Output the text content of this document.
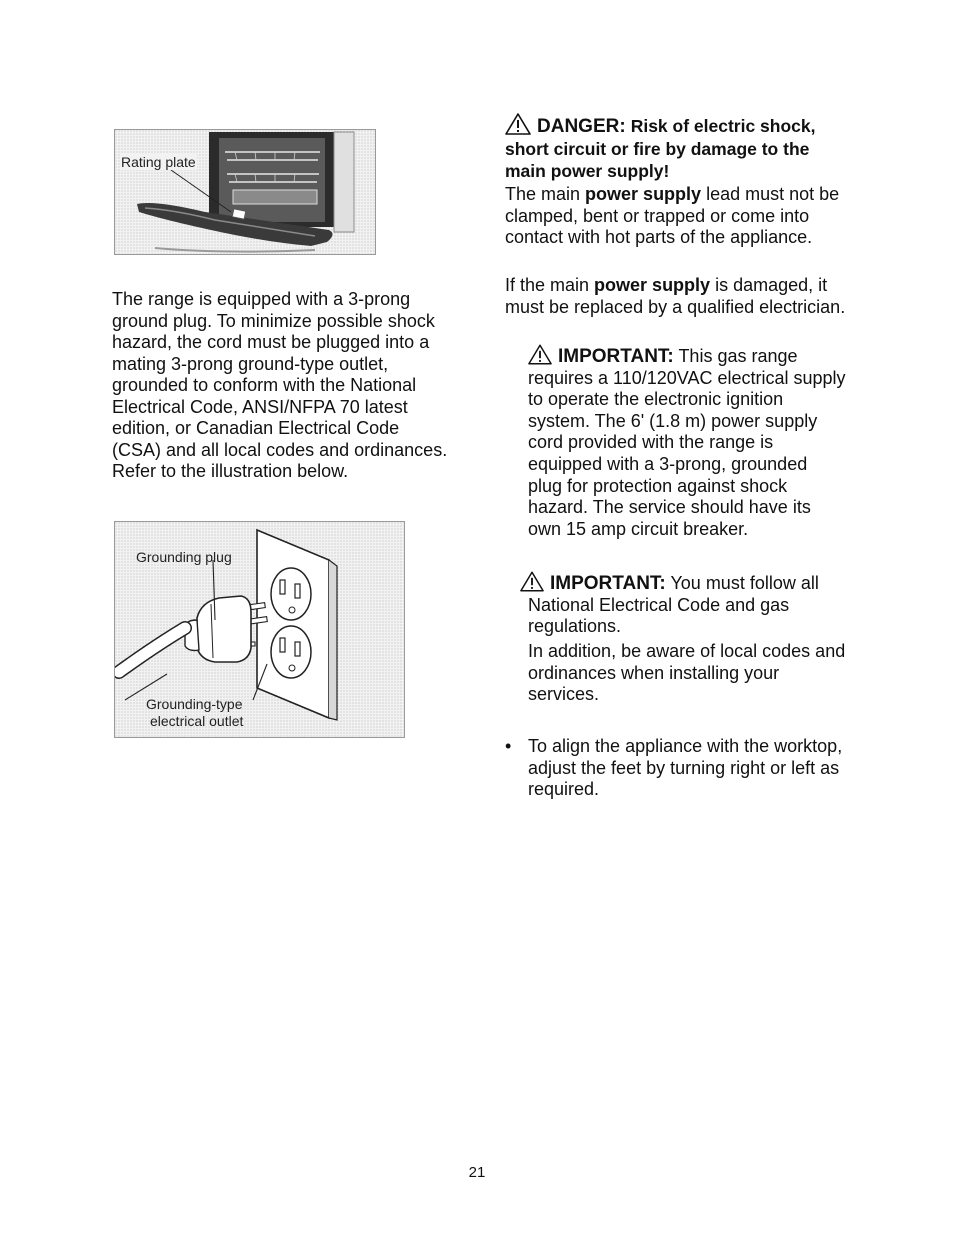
Rating plate

The range is equipped with a 3-prong ground plug. To minimize possible shock hazard, the cord must be plugged into a mating 3-prong ground-type outlet, grounded to conform with the National Electrical Code, ANSI/NFPA 70 latest edition, or Canadian Electrical Code (CSA) and all local codes and ordinances. Refer to the illustration below.

Grounding plug
Grounding-type
electrical outlet
DANGER: Risk of electric shock, short circuit or fire by damage to the main power supply!

The main power supply lead must not be clamped, bent or trapped or come into contact with hot parts of the appliance.

If the main power supply is damaged, it must be replaced by a qualified electrician.

IMPORTANT: This gas range requires a 110/120VAC electrical supply to operate the electronic ignition system. The 6' (1.8 m) power supply cord provided with the range is equipped with a 3-prong, grounded plug for protection against shock hazard. The service should have its own 15 amp circuit breaker.
IMPORTANT: You must follow all National Electrical Code and gas regulations.

In addition, be aware of local codes and ordinances when installing your services.

• To align the appliance with the worktop, adjust the feet by turning right or left as required.
21
